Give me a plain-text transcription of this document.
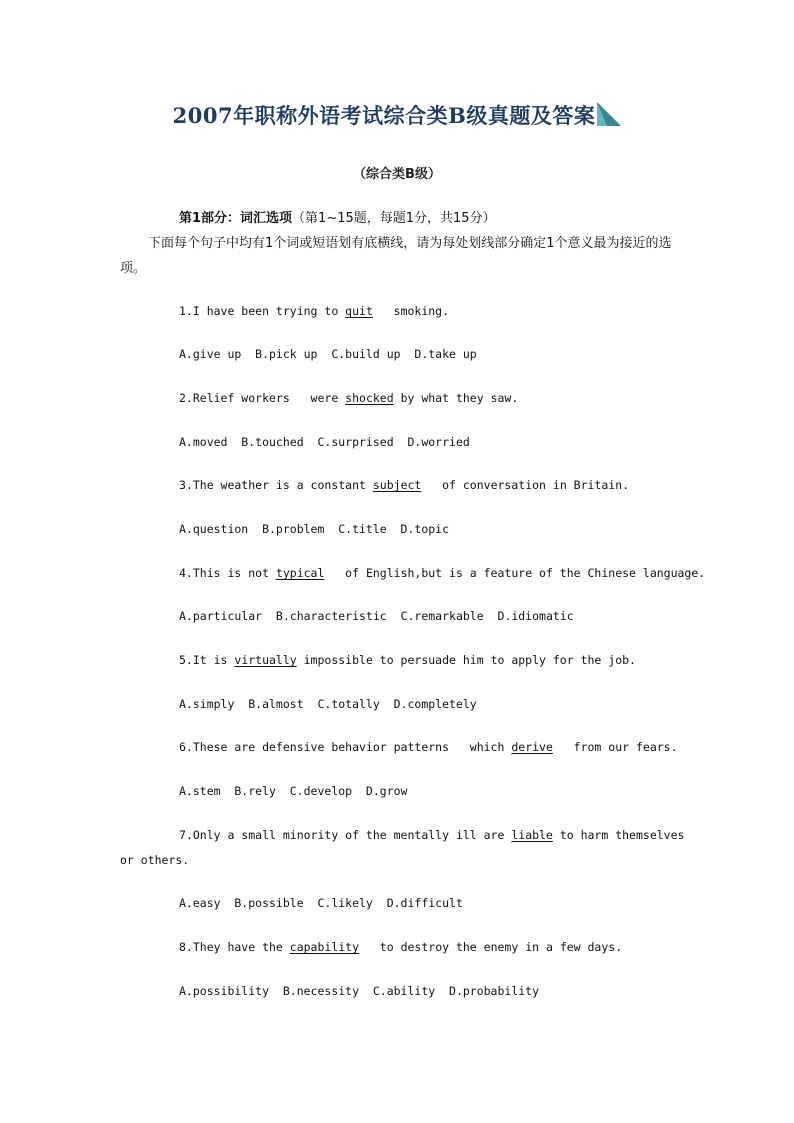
2007年职称外语考试综合类B级真题及答案
（综合类B级）
第1部分：词汇选项（第1~15题，每题1分，共15分）
下面每个句子中均有1个词或短语划有底横线，请为每处划线部分确定1个意义最为接近的选项。
1.I have been trying to quit   smoking.
A.give up  B.pick up  C.build up  D.take up
2.Relief workers   were shocked by what they saw.
A.moved  B.touched  C.surprised  D.worried
3.The weather is a constant subject   of conversation in Britain.
A.question  B.problem  C.title  D.topic
4.This is not typical   of English,but is a feature of the Chinese language.
A.particular  B.characteristic  C.remarkable  D.idiomatic
5.It is virtually impossible to persuade him to apply for the job.
A.simply  B.almost  C.totally  D.completely
6.These are defensive behavior patterns   which derive   from our fears.
A.stem  B.rely  C.develop  D.grow
7.Only a small minority of the mentally ill are liable to harm themselves
or others.
A.easy  B.possible  C.likely  D.difficult
8.They have the capability   to destroy the enemy in a few days.
A.possibility  B.necessity  C.ability  D.probability
